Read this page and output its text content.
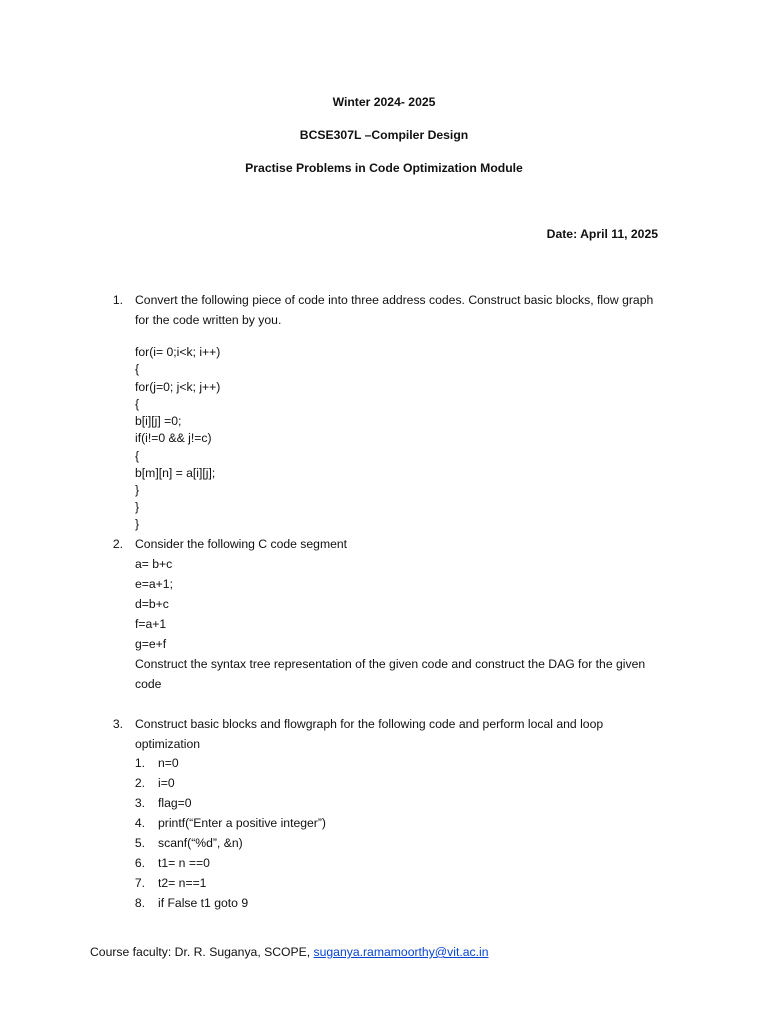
Winter 2024- 2025
BCSE307L –Compiler Design
Practise Problems in Code Optimization Module
Date: April 11, 2025
1. Convert the following piece of code into three address codes. Construct basic blocks, flow graph
for the code written by you.
for(i= 0;i<k; i++)
{
for(j=0; j<k; j++)
{
b[i][j] =0;
if(i!=0 && j!=c)
{
b[m][n] = a[i][j];
}
}
}
2. Consider the following C code segment
a= b+c
e=a+1;
d=b+c
f=a+1
g=e+f
Construct the syntax tree representation of the given code and construct the DAG for the given
code
3. Construct basic blocks and flowgraph for the following code and perform local and loop
optimization
1. n=0
2. i=0
3. flag=0
4. printf(“Enter a positive integer”)
5. scanf(“%d”, &n)
6. t1= n ==0
7. t2= n==1
8. if False t1 goto 9
Course faculty: Dr. R. Suganya, SCOPE, suganya.ramamoorthy@vit.ac.in
